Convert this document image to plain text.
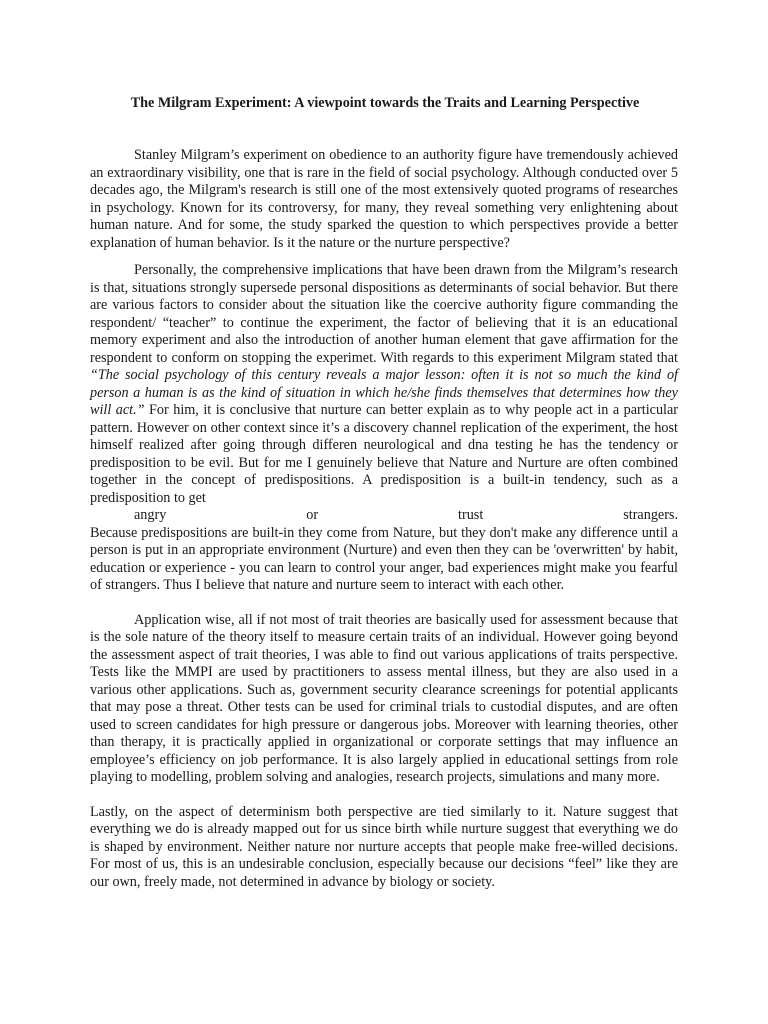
The Milgram Experiment: A viewpoint towards the Traits and Learning Perspective

Stanley Milgram’s experiment on obedience to an authority figure have tremendously achieved an extraordinary visibility, one that is rare in the field of social psychology. Although conducted over 5 decades ago, the Milgram's research is still one of the most extensively quoted programs of researches in psychology. Known for its controversy, for many, they reveal something very enlightening about human nature. And for some, the study sparked the question to which perspectives provide a better explanation of human behavior. Is it the nature or the nurture perspective?

Personally, the comprehensive implications that have been drawn from the Milgram’s research is that, situations strongly supersede personal dispositions as determinants of social behavior. But there are various factors to consider about the situation like the coercive authority figure commanding the respondent/ “teacher” to continue the experiment, the factor of believing that it is an educational memory experiment and also the introduction of another human element that gave affirmation for the respondent to conform on stopping the experimet. With regards to this experiment Milgram stated that “The social psychology of this century reveals a major lesson: often it is not so much the kind of person a human is as the kind of situation in which he/she finds themselves that determines how they will act.” For him, it is conclusive that nurture can better explain as to why people act in a particular pattern. However on other context since it’s a discovery channel replication of the experiment, the host himself realized after going through differen neurological and dna testing he has the tendency or predisposition to be evil. But for me I genuinely believe that Nature and Nurture are often combined together in the concept of predispositions. A predisposition is a built-in tendency, such as a predisposition to get
angry	or	trust	strangers.
Because predispositions are built-in they come from Nature, but they don't make any difference until a person is put in an appropriate environment (Nurture) and even then they can be 'overwritten' by habit, education or experience - you can learn to control your anger, bad experiences might make you fearful of strangers. Thus I believe that nature and nurture seem to interact with each other.

Application wise, all if not most of trait theories are basically used for assessment because that is the sole nature of the theory itself to measure certain traits of an individual. However going beyond the assessment aspect of trait theories, I was able to find out various applications of traits perspective. Tests like the MMPI are used by practitioners to assess mental illness, but they are also used in a various other applications. Such as, government security clearance screenings for potential applicants that may pose a threat. Other tests can be used for criminal trials to custodial disputes, and are often used to screen candidates for high pressure or dangerous jobs. Moreover with learning theories, other than therapy, it is practically applied in organizational or corporate settings that may influence an employee’s efficiency on job performance. It is also largely applied in educational settings from role playing to modelling, problem solving and analogies, research projects, simulations and many more.

Lastly, on the aspect of determinism both perspective are tied similarly to it. Nature suggest that everything we do is already mapped out for us since birth while nurture suggest that everything we do is shaped by environment. Neither nature nor nurture accepts that people make free-willed decisions. For most of us, this is an undesirable conclusion, especially because our decisions “feel” like they are our own, freely made, not determined in advance by biology or society.
